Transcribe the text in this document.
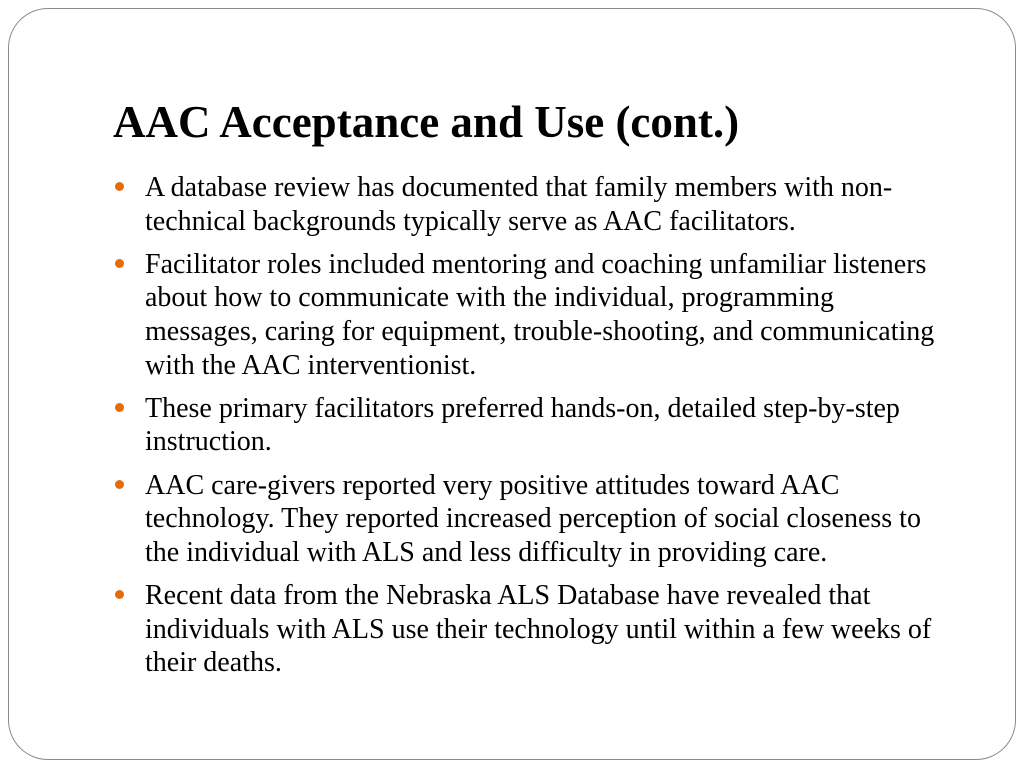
AAC Acceptance and Use (cont.)
A database review has documented that family members with non-technical backgrounds typically serve as AAC facilitators.
Facilitator roles included mentoring and coaching unfamiliar listeners about how to communicate with the individual, programming messages, caring for equipment, trouble-shooting, and communicating with the AAC interventionist.
These primary facilitators preferred hands-on, detailed step-by-step instruction.
AAC care-givers reported very positive attitudes toward AAC technology. They reported increased perception of social closeness to the individual with ALS and less difficulty in providing care.
Recent data from the Nebraska ALS Database have revealed that individuals with ALS use their technology until within a few weeks of their deaths.
